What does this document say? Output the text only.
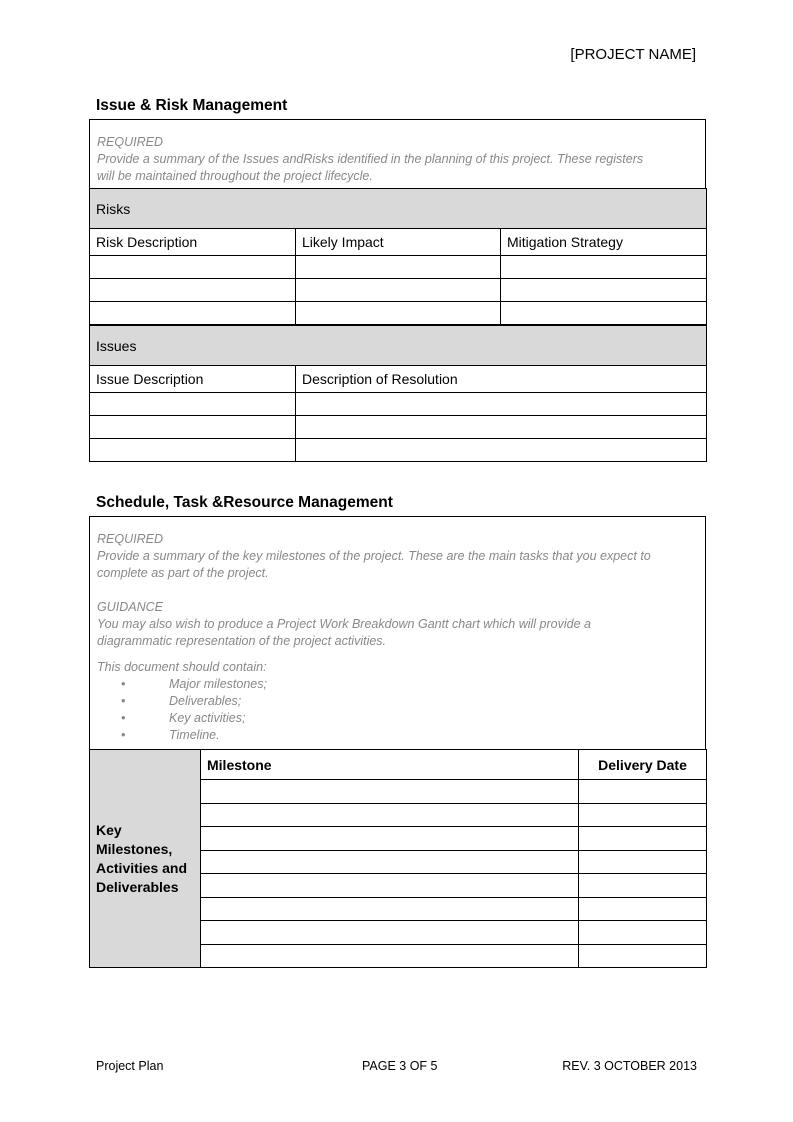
[PROJECT NAME]
Issue & Risk Management
REQUIRED
Provide a summary of the Issues andRisks identified in the planning of this project. These registers
will be maintained throughout the project lifecycle.
Risks		
Risk Description	Likely Impact	Mitigation Strategy

Issues	
Issue Description	Description of Resolution

Schedule, Task &Resource Management
REQUIRED
Provide a summary of the key milestones of the project. These are the main tasks that you expect to
complete as part of the project.
GUIDANCE
You may also wish to produce a Project Work Breakdown Gantt chart which will provide a
diagrammatic representation of the project activities.
This document should contain:
•	Major milestones;
•	Deliverables;
•	Key activities;
•	Timeline.
Key
Milestones,
Activities and
Deliverables	Milestone	Delivery Date

Project Plan	PAGE 3 OF 5	REV. 3 OCTOBER 2013
